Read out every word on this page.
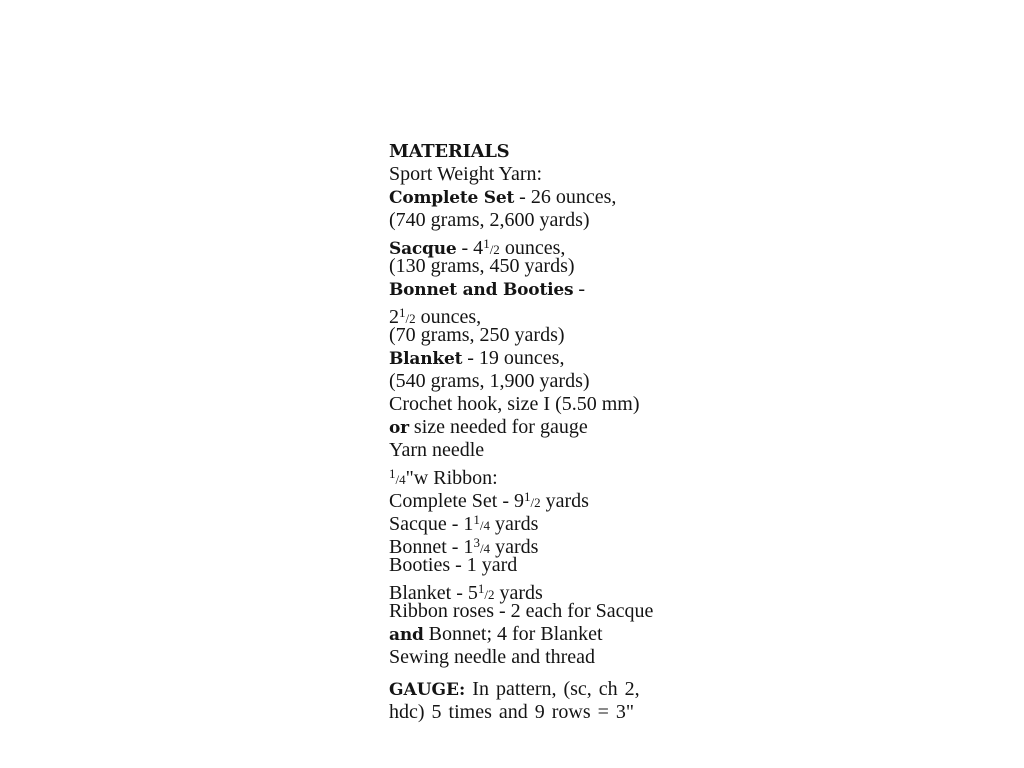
MATERIALS
Sport Weight Yarn:
Complete Set - 26 ounces,
(740 grams, 2,600 yards)
Sacque - $4^1/2$ ounces,
(130 grams, 450 yards)
Bonnet and Booties -
$2^1/2$ ounces,
(70 grams, 250 yards)
Blanket - 19 ounces,
(540 grams, 1,900 yards)
Crochet hook, size I (5.50 mm)
or size needed for gauge
Yarn needle
$^1$/4"w Ribbon:
Complete Set - $9^1/2$ yards
Sacque - $1^1/4$ yards
Bonnet - $1^3/4$ yards
Booties - 1 yard
Blanket - $5^1/2$ yards
Ribbon roses - 2 each for Sacque
and Bonnet; 4 for Blanket
Sewing needle and thread
GAUGE: In pattern, (sc, ch 2,
hdc) 5 times and 9 rows = 3"
